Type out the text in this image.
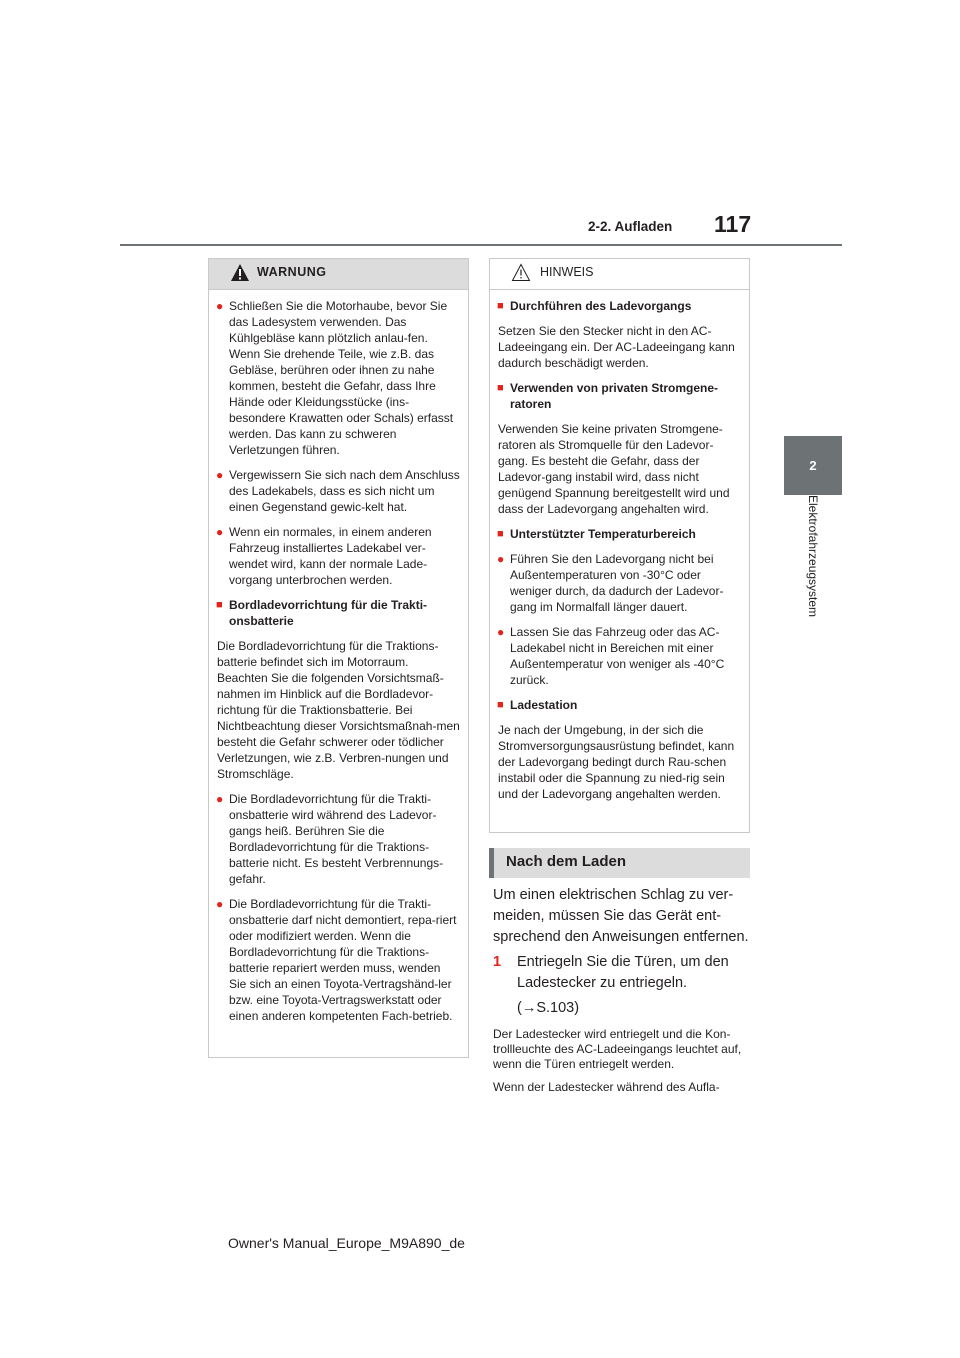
2-2. Aufladen 117
2
Elektrofahrzeugsystem
WARNUNG

● Schließen Sie die Motorhaube, bevor Sie das Ladesystem verwenden. Das Kühlgebläse kann plötzlich anlau-fen. Wenn Sie drehende Teile, wie z.B. das Gebläse, berühren oder ihnen zu nahe kommen, besteht die Gefahr, dass Ihre Hände oder Kleidungsstücke (ins-besondere Krawatten oder Schals) erfasst werden. Das kann zu schweren Verletzungen führen.

● Vergewissern Sie sich nach dem Anschluss des Ladekabels, dass es sich nicht um einen Gegenstand gewic-kelt hat.

● Wenn ein normales, in einem anderen Fahrzeug installiertes Ladekabel ver-wendet wird, kann der normale Lade-vorgang unterbrochen werden.

■ Bordladevorrichtung für die Trakti-onsbatterie

Die Bordladevorrichtung für die Traktions-batterie befindet sich im Motorraum. Beachten Sie die folgenden Vorsichtsmaß-nahmen im Hinblick auf die Bordladevor-richtung für die Traktionsbatterie. Bei Nichtbeachtung dieser Vorsichtsmaßnah-men besteht die Gefahr schwerer oder tödlicher Verletzungen, wie z.B. Verbren-nungen und Stromschläge.

● Die Bordladevorrichtung für die Trakti-onsbatterie wird während des Ladevor-gangs heiß. Berühren Sie die Bordladevorrichtung für die Traktions-batterie nicht. Es besteht Verbrennungs-gefahr.

● Die Bordladevorrichtung für die Trakti-onsbatterie darf nicht demontiert, repa-riert oder modifiziert werden. Wenn die Bordladevorrichtung für die Traktions-batterie repariert werden muss, wenden Sie sich an einen Toyota-Vertragshänd-ler bzw. eine Toyota-Vertragswerkstatt oder einen anderen kompetenten Fach-betrieb.

HINWEIS

■ Durchführen des Ladevorgangs

Setzen Sie den Stecker nicht in den AC-Ladeeingang ein. Der AC-Ladeeingang kann dadurch beschädigt werden.

■ Verwenden von privaten Stromgene-ratoren

Verwenden Sie keine privaten Stromgene-ratoren als Stromquelle für den Ladevor-gang. Es besteht die Gefahr, dass der Ladevor-gang instabil wird, dass nicht genügend Spannung bereitgestellt wird und dass der Ladevorgang angehalten wird.

■ Unterstützter Temperaturbereich

● Führen Sie den Ladevorgang nicht bei Außentemperaturen von -30°C oder weniger durch, da dadurch der Ladevor-gang im Normalfall länger dauert.

● Lassen Sie das Fahrzeug oder das AC-Ladekabel nicht in Bereichen mit einer Außentemperatur von weniger als -40°C zurück.

■ Ladestation

Je nach der Umgebung, in der sich die Stromversorgungsausrüstung befindet, kann der Ladevorgang bedingt durch Rau-schen instabil oder die Spannung zu nied-rig sein und der Ladevorgang angehalten werden.

Nach dem Laden

Um einen elektrischen Schlag zu ver-meiden, müssen Sie das Gerät ent-sprechend den Anweisungen entfernen.

1 Entriegeln Sie die Türen, um den Ladestecker zu entriegeln.

(→S.103)

Der Ladestecker wird entriegelt und die Kon-trollleuchte des AC-Ladeeingangs leuchtet auf, wenn die Türen entriegelt werden.

Wenn der Ladestecker während des Aufla-

Owner's Manual_Europe_M9A890_de
